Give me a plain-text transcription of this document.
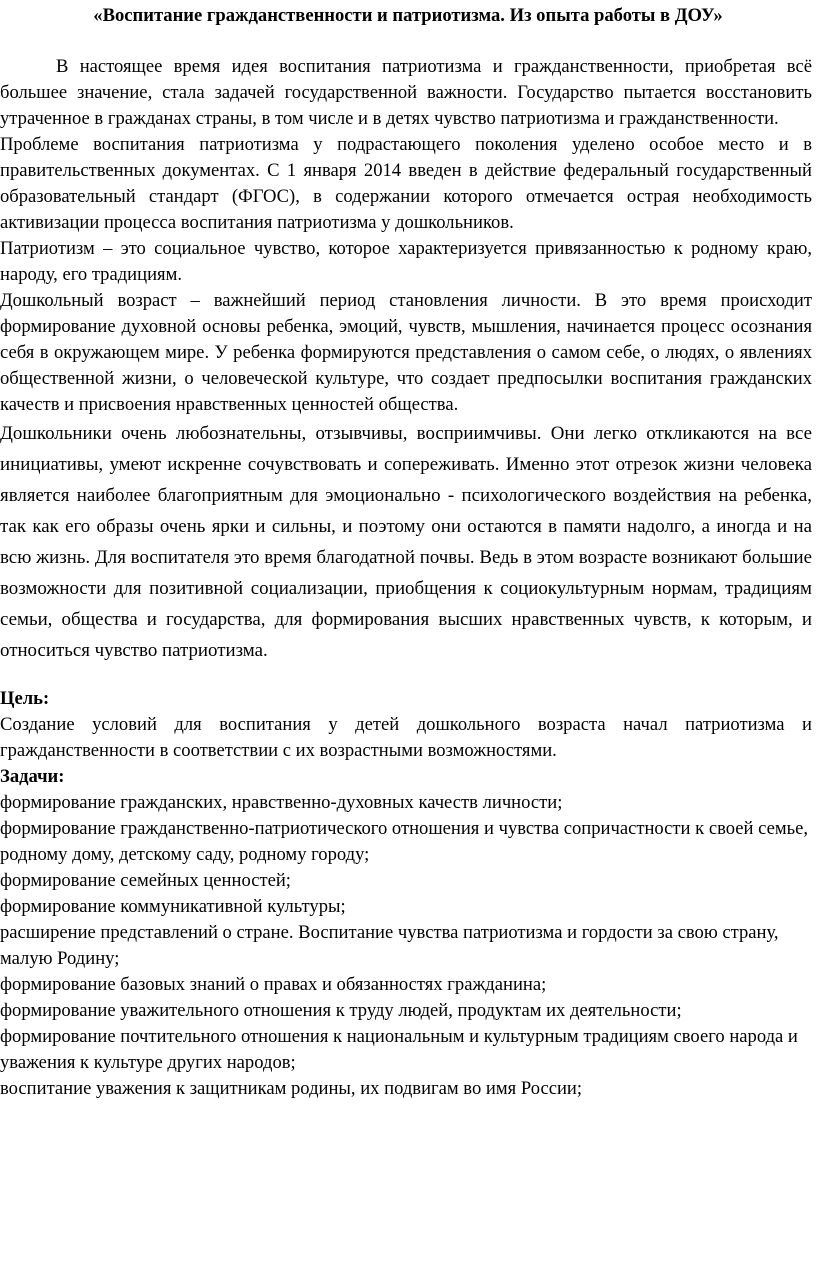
«Воспитание гражданственности и патриотизма. Из опыта работы в ДОУ»

В настоящее время идея воспитания патриотизма и гражданственности, приобретая всё большее значение, стала задачей государственной важности. Государство пытается восстановить утраченное в гражданах страны, в том числе и в детях чувство патриотизма и гражданственности.

Проблеме воспитания патриотизма у подрастающего поколения уделено особое место и в правительственных документах. С 1 января 2014 введен в действие федеральный государственный образовательный стандарт (ФГОС), в содержании которого отмечается острая необходимость активизации процесса воспитания патриотизма у дошкольников.

Патриотизм – это социальное чувство, которое характеризуется привязанностью к родному краю, народу, его традициям.

Дошкольный возраст – важнейший период становления личности. В это время происходит формирование духовной основы ребенка, эмоций, чувств, мышления, начинается процесс осознания себя в окружающем мире. У ребенка формируются представления о самом себе, о людях, о явлениях общественной жизни, о человеческой культуре, что создает предпосылки воспитания гражданских качеств и присвоения нравственных ценностей общества.

Дошкольники очень любознательны, отзывчивы, восприимчивы. Они легко откликаются на все инициативы, умеют искренне сочувствовать и сопереживать. Именно этот отрезок жизни человека является наиболее благоприятным для эмоционально - психологического воздействия на ребенка, так как его образы очень ярки и сильны, и поэтому они остаются в памяти надолго, а иногда и на всю жизнь. Для воспитателя это время благодатной почвы. Ведь в этом возрасте возникают большие возможности для позитивной социализации, приобщения к социокультурным нормам, традициям семьи, общества и государства, для формирования высших нравственных чувств, к которым, и относиться чувство патриотизма.

Цель:

Создание условий для воспитания у детей дошкольного возраста начал патриотизма и гражданственности в соответствии с их возрастными возможностями.

Задачи:

формирование гражданских, нравственно-духовных качеств личности;

формирование гражданственно-патриотического отношения и чувства сопричастности к своей семье, родному дому, детскому саду, родному городу;

формирование семейных ценностей;

формирование коммуникативной культуры;

расширение представлений о стране. Воспитание чувства патриотизма и гордости за свою страну, малую Родину;

формирование базовых знаний о правах и обязанностях гражданина;

формирование уважительного отношения к труду людей, продуктам их деятельности;

формирование почтительного отношения к национальным и культурным традициям своего народа и уважения к культуре других народов;

воспитание уважения к защитникам родины, их подвигам во имя России;
